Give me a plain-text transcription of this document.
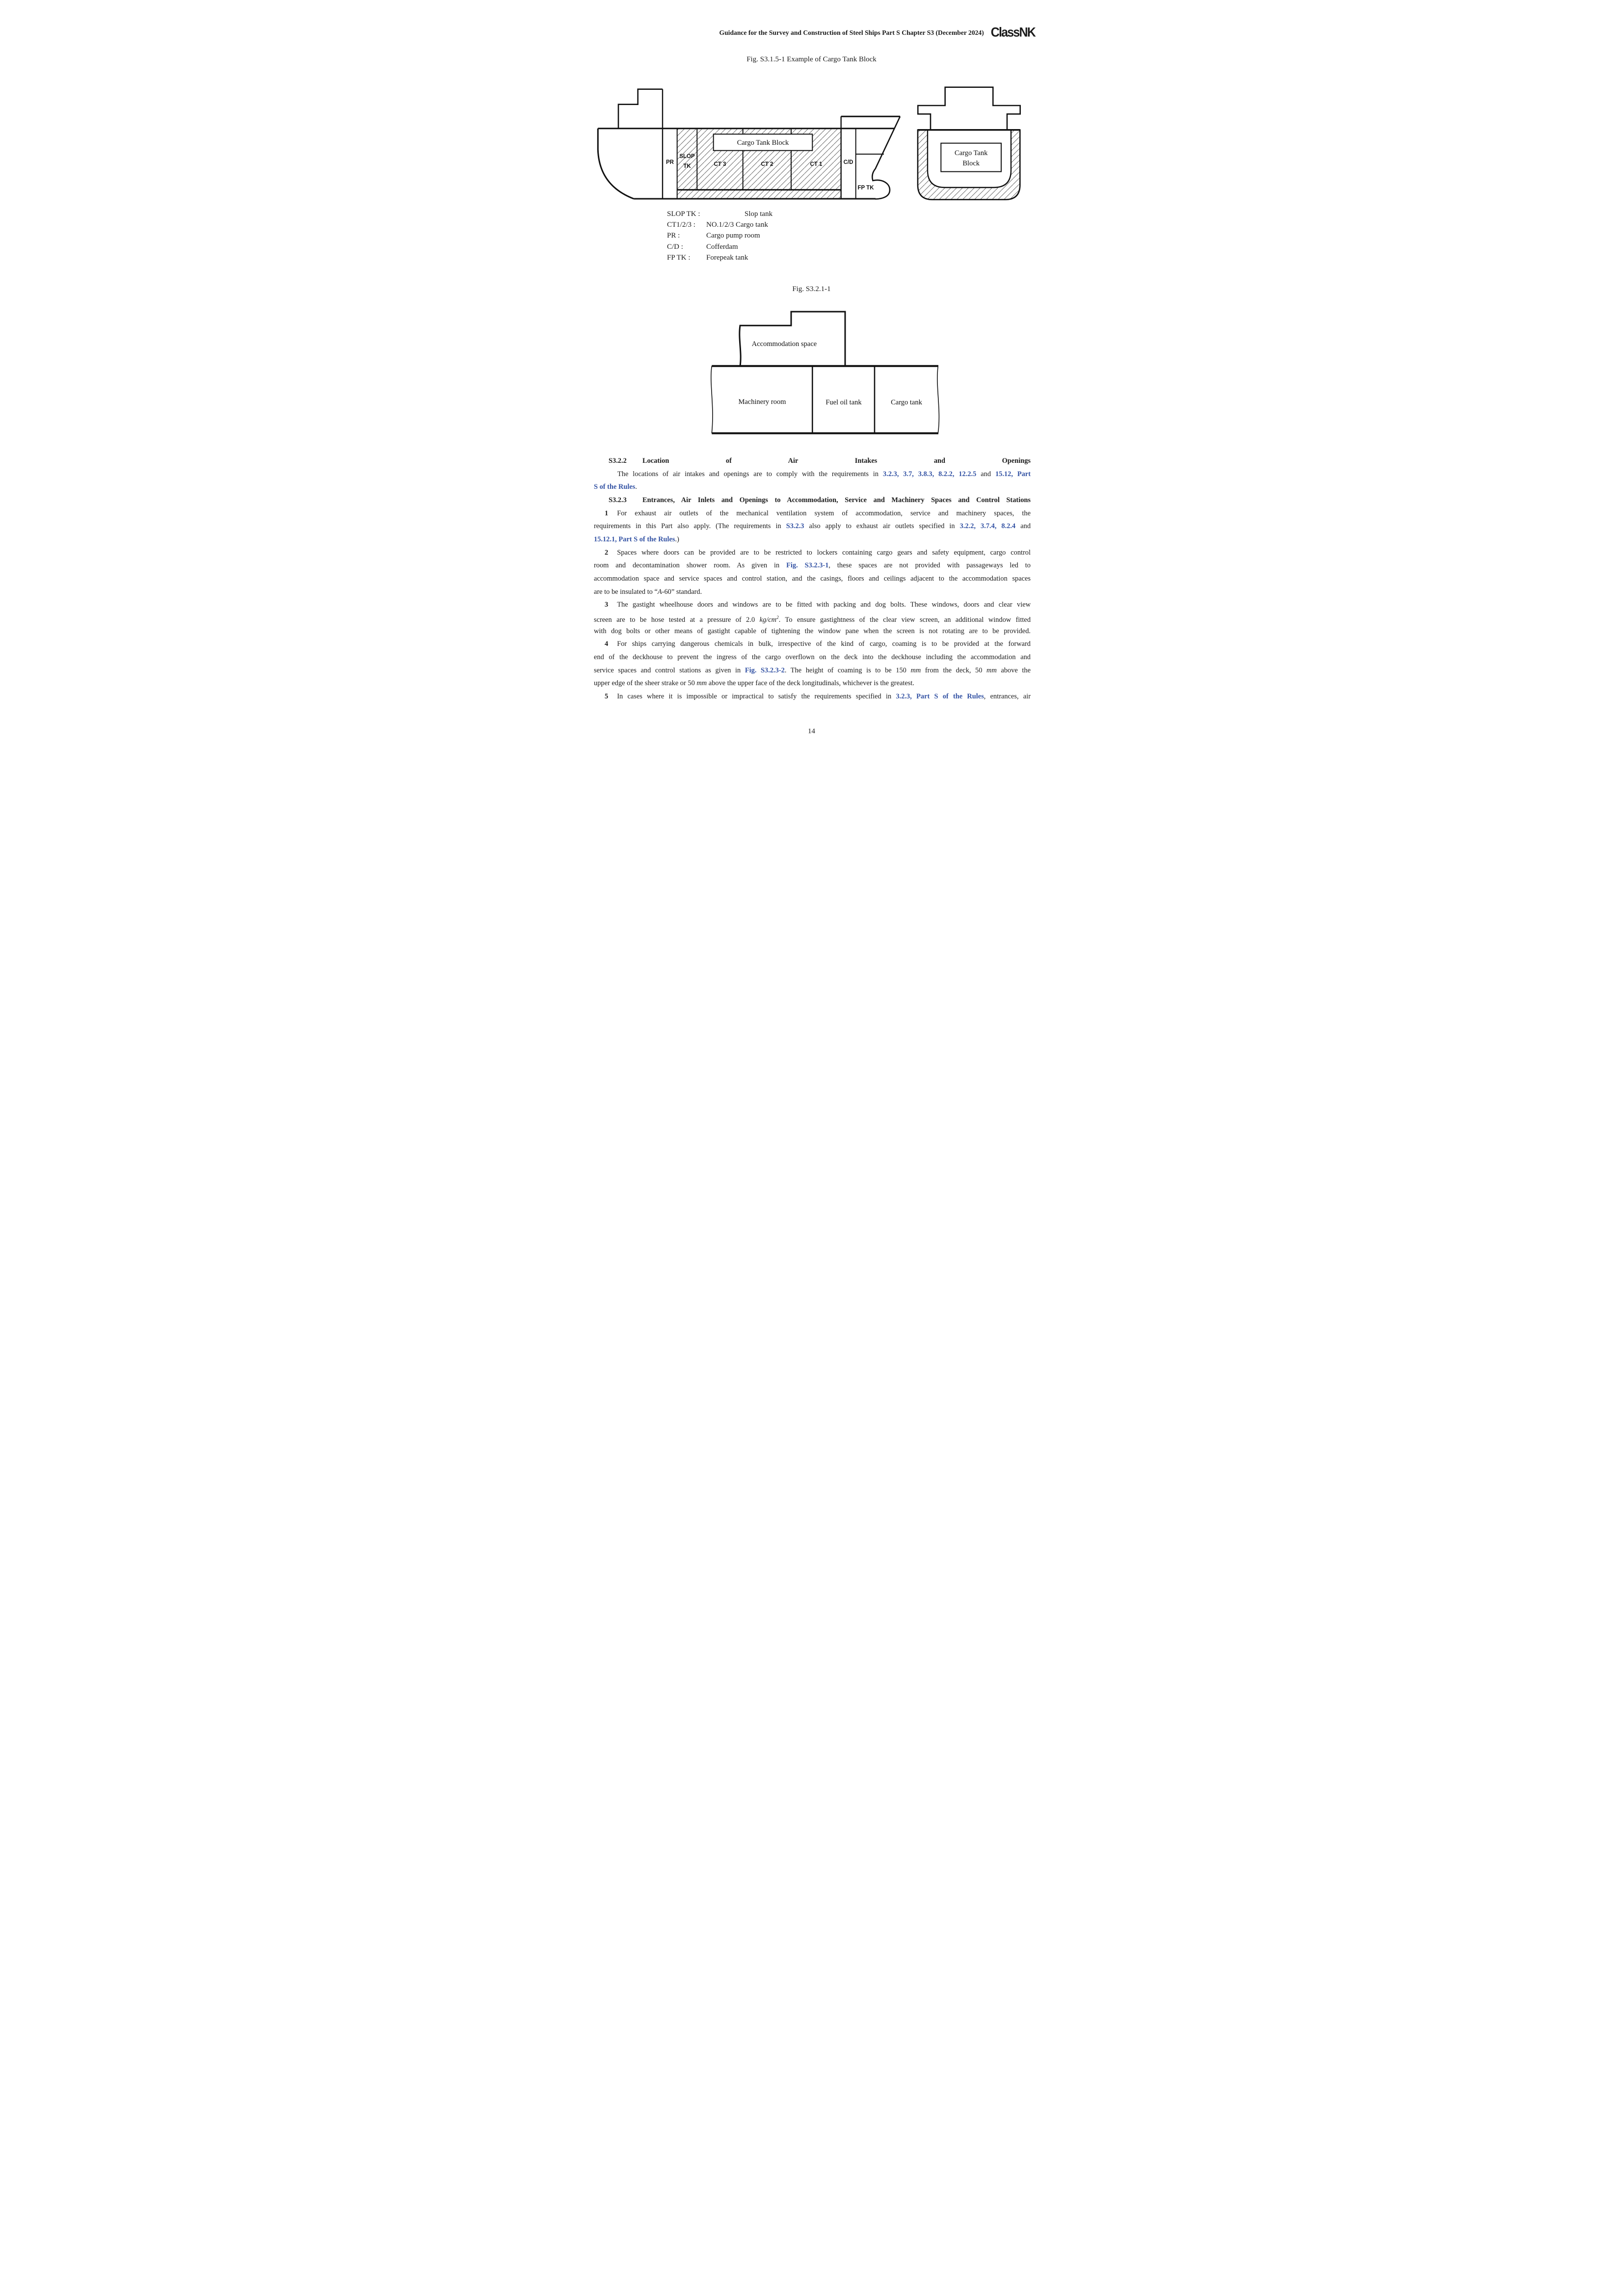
Guidance for the Survey and Construction of Steel Ships Part S Chapter S3 (December 2024) ClassNK
Fig. S3.1.5-1 Example of Cargo Tank Block
Cargo Tank Block
PR
SLOP
TK	CT 3	CT 2	CT 1	C/D
FP TK
Cargo Tank
Block
SLOP TK :	Slop tank
CT1/2/3 : NO.1/2/3 Cargo tank
PR :	Cargo pump room
C/D :	Cofferdam
FP TK : Forepeak tank
Fig. S3.2.1-1
Accommodation space
Machinery room	Fuel oil tank	Cargo tank
S3.2.2 Location of Air Intakes and Openings
The locations of air intakes and openings are to comply with the requirements in 3.2.3, 3.7, 3.8.3, 8.2.2, 12.2.5 and 15.12, Part
S of the Rules.
S3.2.3 Entrances, Air Inlets and Openings to Accommodation, Service and Machinery Spaces and Control Stations
1 For exhaust air outlets of the mechanical ventilation system of accommodation, service and machinery spaces, the
requirements in this Part also apply. (The requirements in S3.2.3 also apply to exhaust air outlets specified in 3.2.2, 3.7.4, 8.2.4 and
15.12.1, Part S of the Rules.)
2 Spaces where doors can be provided are to be restricted to lockers containing cargo gears and safety equipment, cargo control
room and decontamination shower room. As given in Fig. S3.2.3-1, these spaces are not provided with passageways led to
accommodation space and service spaces and control station, and the casings, floors and ceilings adjacent to the accommodation spaces
are to be insulated to “A-60” standard.
3 The gastight wheelhouse doors and windows are to be fitted with packing and dog bolts. These windows, doors and clear view
screen are to be hose tested at a pressure of 2.0 $kg/cm^2$. To ensure gastightness of the clear view screen, an additional window fitted
with dog bolts or other means of gastight capable of tightening the window pane when the screen is not rotating are to be provided.
4 For ships carrying dangerous chemicals in bulk, irrespective of the kind of cargo, coaming is to be provided at the forward
end of the deckhouse to prevent the ingress of the cargo overflown on the deck into the deckhouse including the accommodation and
service spaces and control stations as given in Fig. S3.2.3-2. The height of coaming is to be 150 mm from the deck, 50 mm above the
upper edge of the sheer strake or 50 mm above the upper face of the deck longitudinals, whichever is the greatest.
5 In cases where it is impossible or impractical to satisfy the requirements specified in 3.2.3, Part S of the Rules, entrances, air
14
